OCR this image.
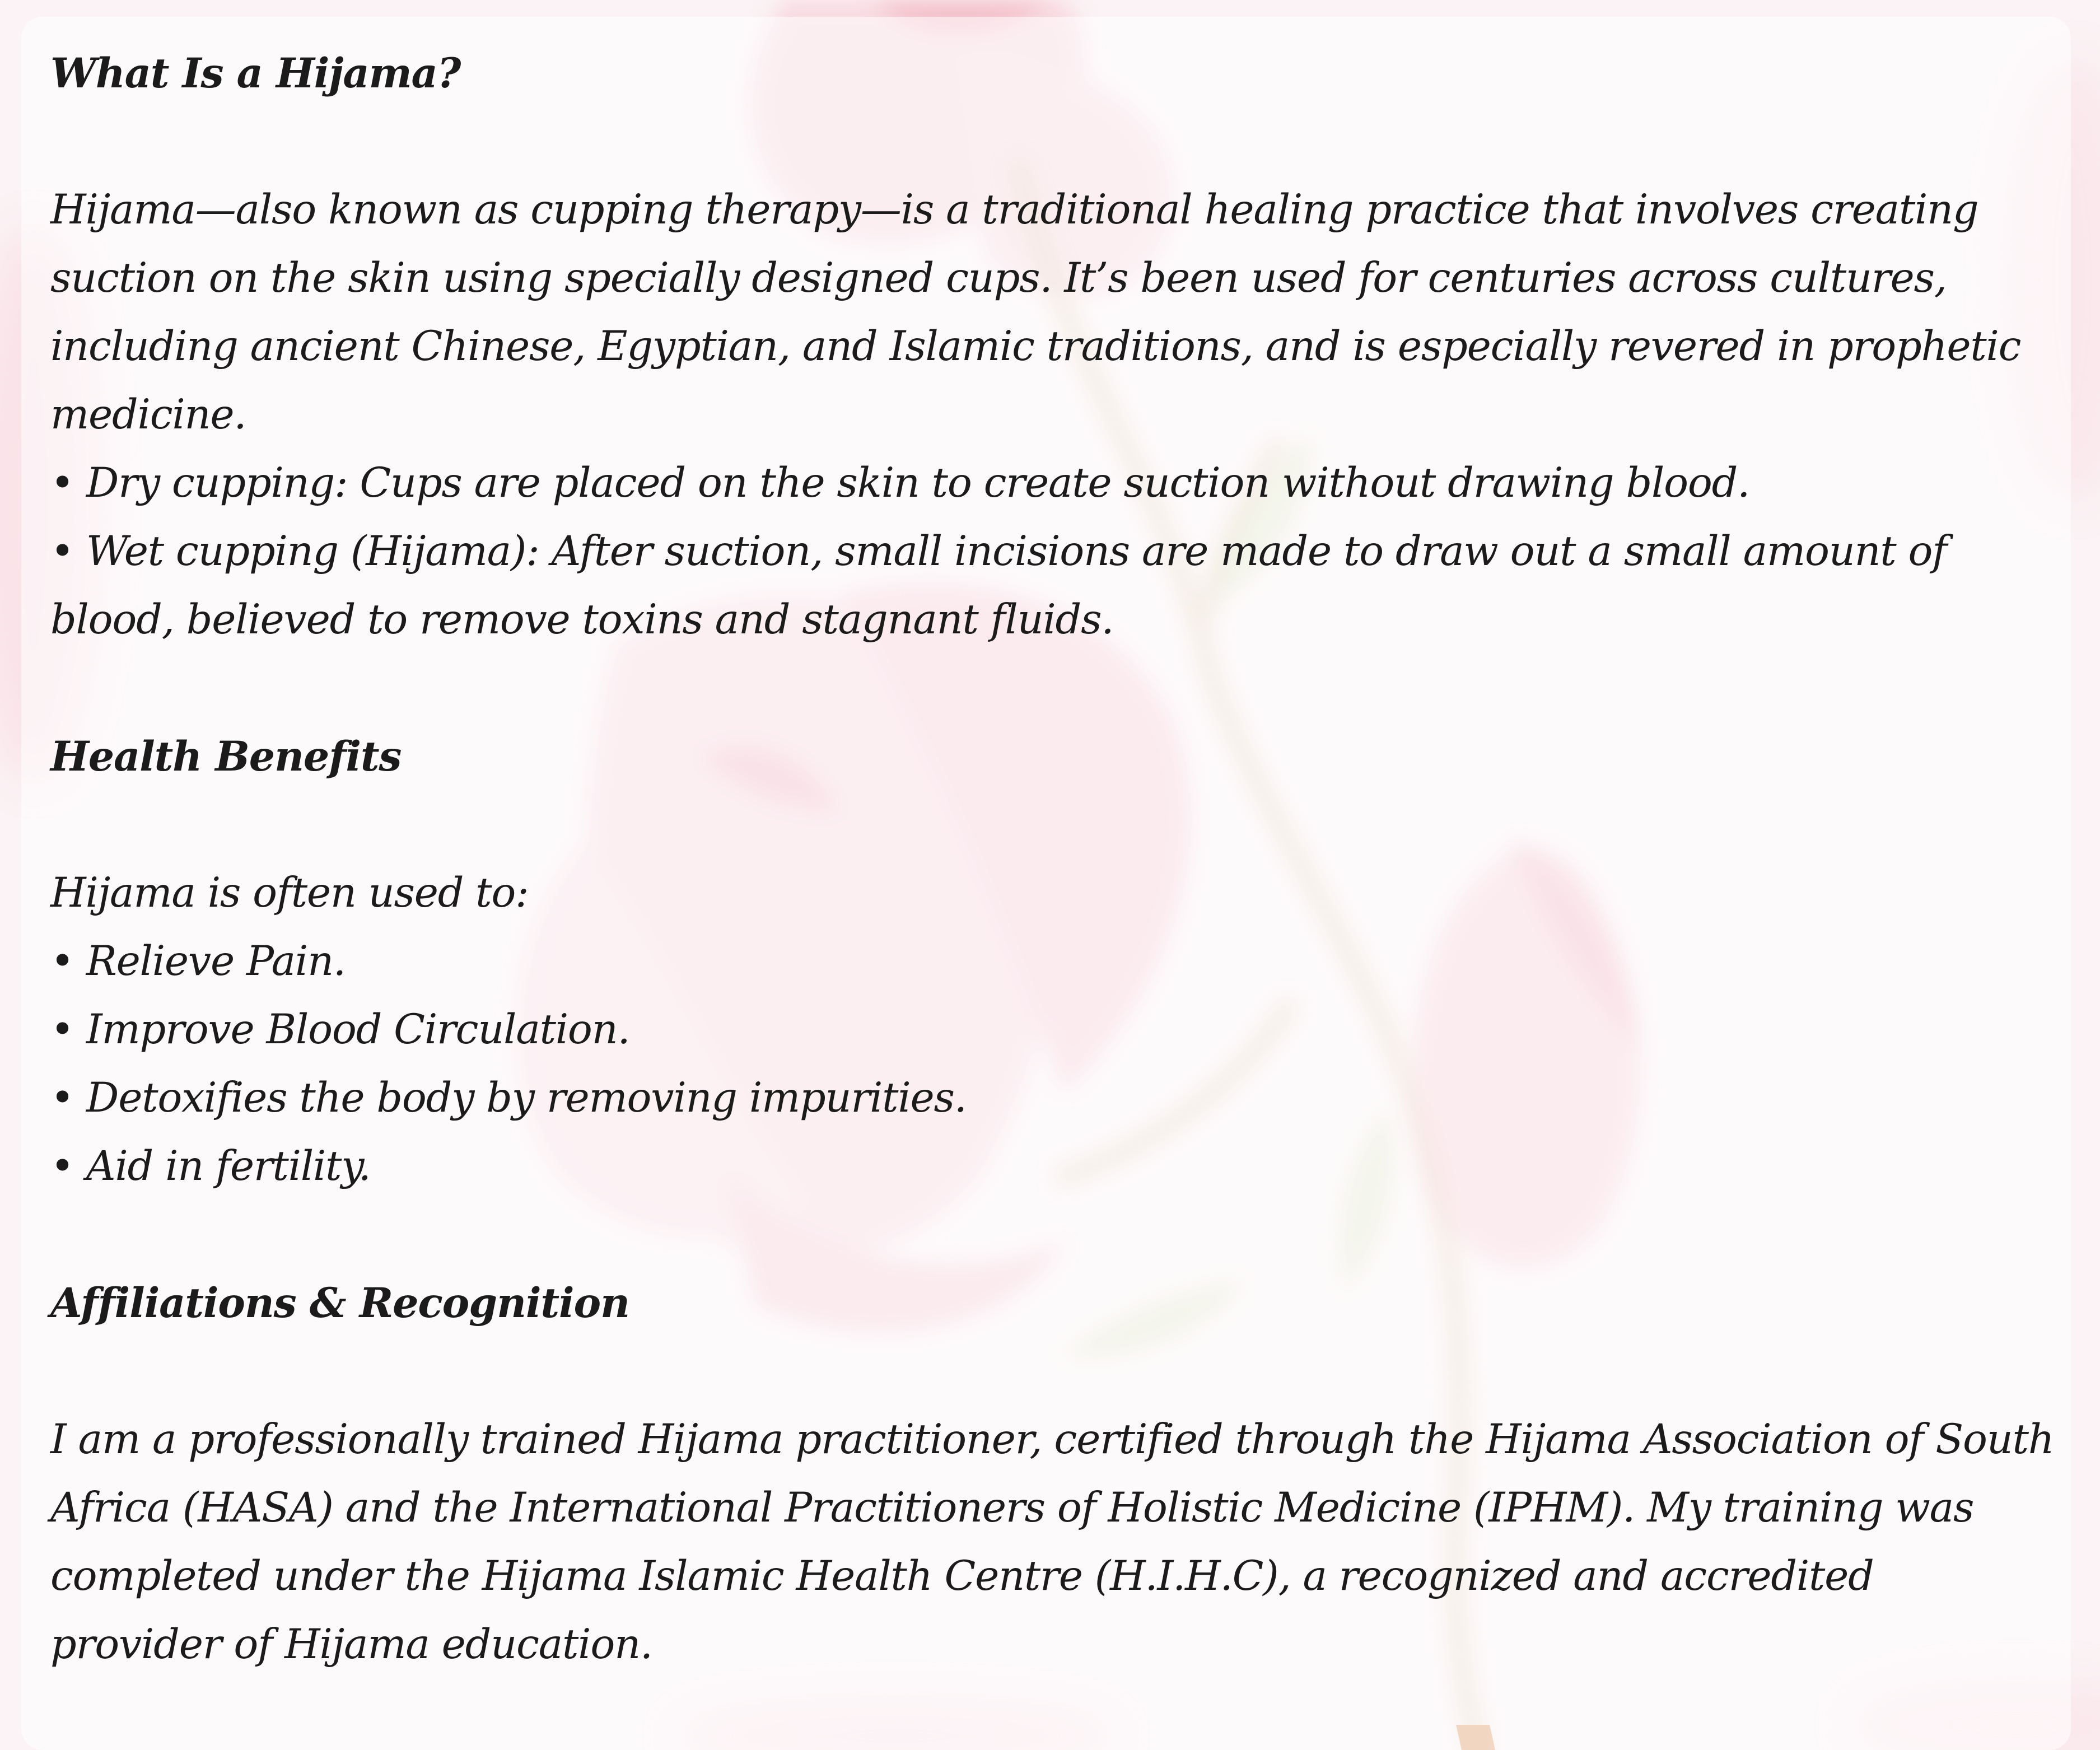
What Is a Hijama?

Hijama—also known as cupping therapy—is a traditional healing practice that involves creating suction on the skin using specially designed cups. It’s been used for centuries across cultures, including ancient Chinese, Egyptian, and Islamic traditions, and is especially revered in prophetic medicine.

• Dry cupping: Cups are placed on the skin to create suction without drawing blood.

• Wet cupping (Hijama): After suction, small incisions are made to draw out a small amount of blood, believed to remove toxins and stagnant fluids.

Health Benefits

Hijama is often used to:

• Relieve Pain.

• Improve Blood Circulation.

• Detoxifies the body by removing impurities.

• Aid in fertility.

Affiliations & Recognition

I am a professionally trained Hijama practitioner, certified through the Hijama Association of South Africa (HASA) and the International Practitioners of Holistic Medicine (IPHM). My training was completed under the Hijama Islamic Health Centre (H.I.H.C), a recognized and accredited provider of Hijama education.
